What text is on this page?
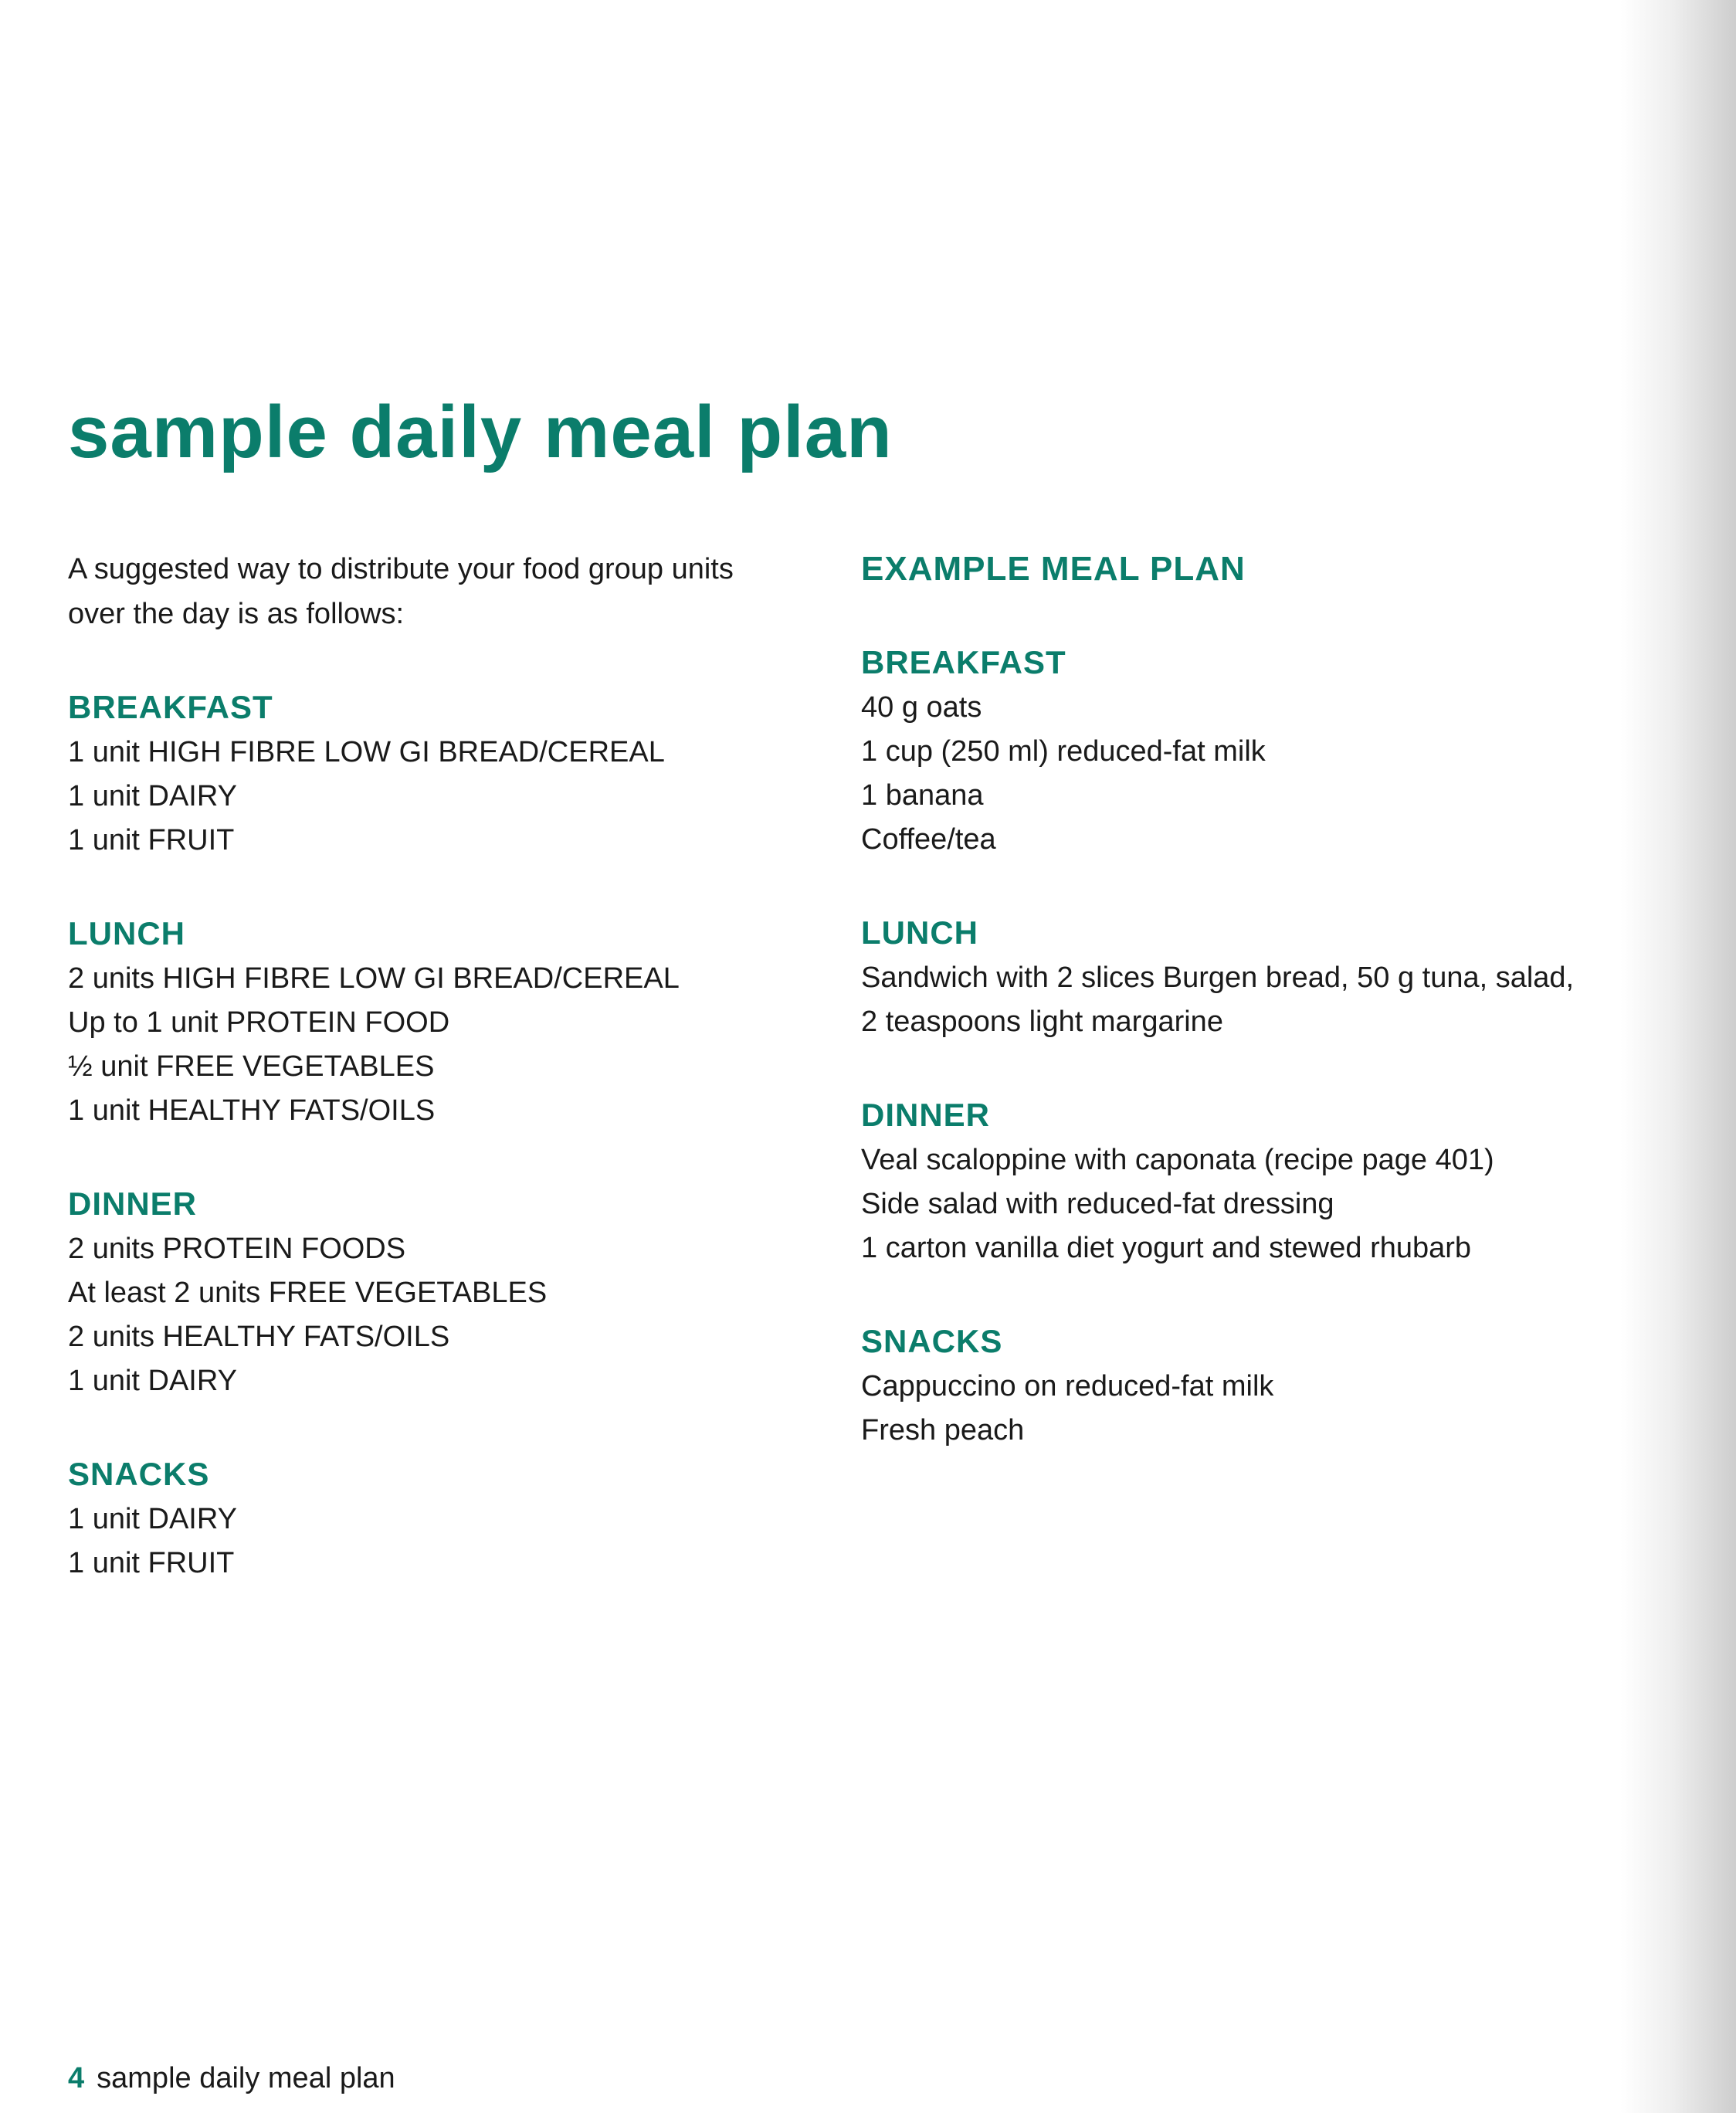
sample daily meal plan

A suggested way to distribute your food group units over the day is as follows:

BREAKFAST

1 unit HIGH FIBRE LOW GI BREAD/CEREAL

1 unit DAIRY

1 unit FRUIT

LUNCH

2 units HIGH FIBRE LOW GI BREAD/CEREAL

Up to 1 unit PROTEIN FOOD

½ unit FREE VEGETABLES

1 unit HEALTHY FATS/OILS

DINNER

2 units PROTEIN FOODS

At least 2 units FREE VEGETABLES

2 units HEALTHY FATS/OILS

1 unit DAIRY

SNACKS

1 unit DAIRY

1 unit FRUIT

EXAMPLE MEAL PLAN
BREAKFAST

40 g oats

1 cup (250 ml) reduced-fat milk

1 banana

Coffee/tea

LUNCH

Sandwich with 2 slices Burgen bread, 50 g tuna, salad, 2 teaspoons light margarine

DINNER

Veal scaloppine with caponata (recipe page 401)

Side salad with reduced-fat dressing

1 carton vanilla diet yogurt and stewed rhubarb

SNACKS

Cappuccino on reduced-fat milk

Fresh peach

4 sample daily meal plan
